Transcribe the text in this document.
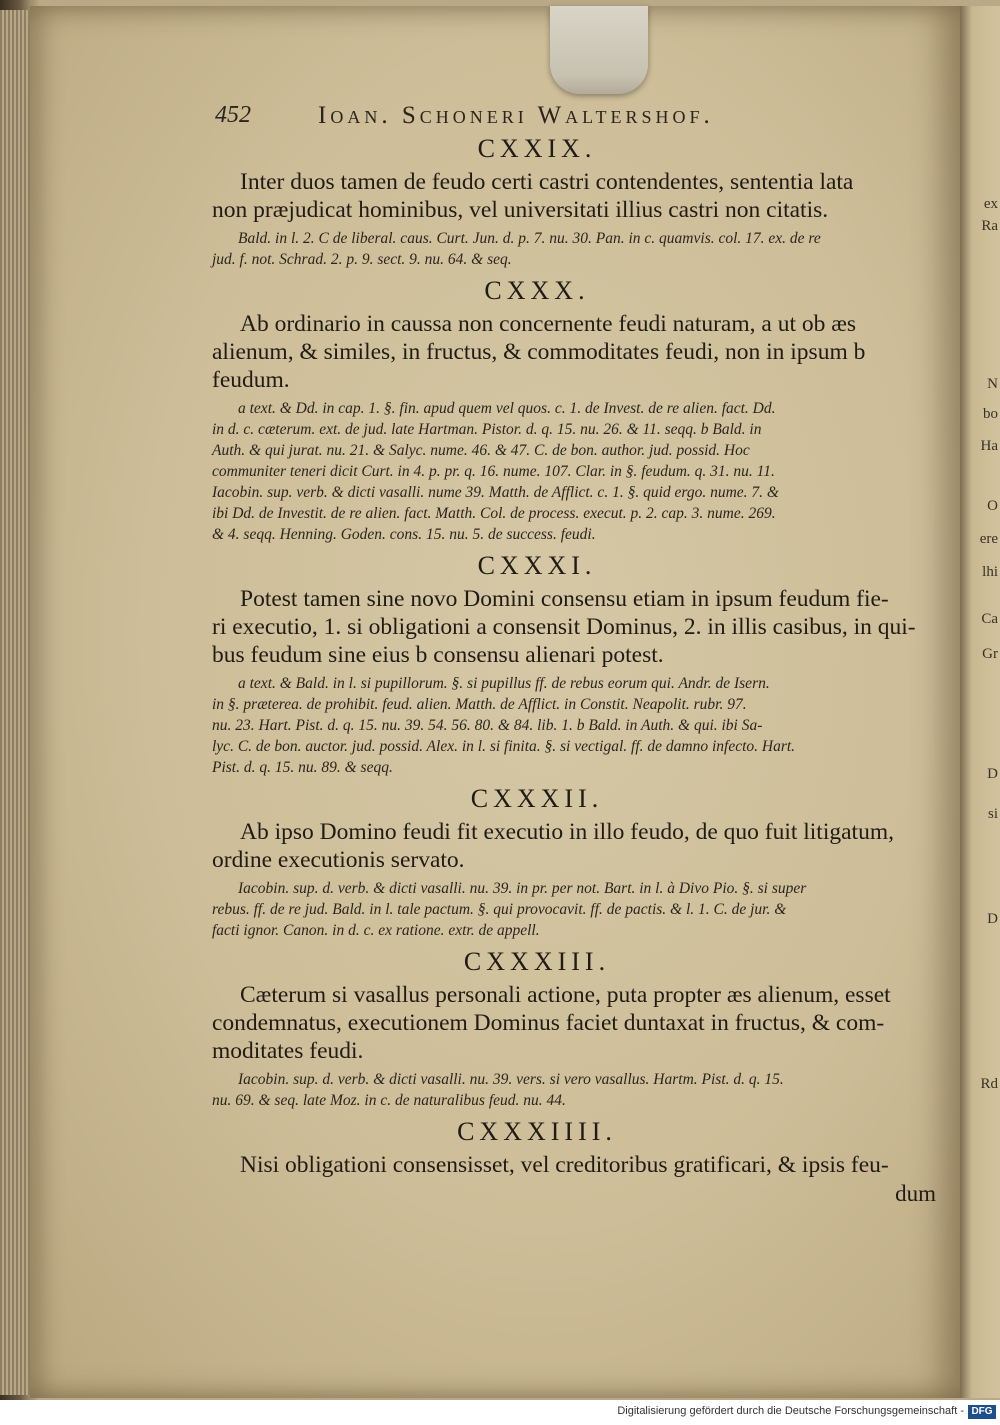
ex
Ra
N
bo
Ha
O
ere
lhi
Ca
Gr
D
D
si
Rd
452	Ioan. Schoneri Waltershof.
CXXIX.
Inter duos tamen de feudo certi castri contendentes, sententia lata
non præjudicat hominibus, vel universitati illius castri non citatis.
Bald. in l. 2. C de liberal. caus. Curt. Jun. d. p. 7. nu. 30. Pan. in c. quamvis. col. 17. ex. de re
jud. f. not. Schrad. 2. p. 9. sect. 9. nu. 64. & seq.
CXXX.
Ab ordinario in caussa non concernente feudi naturam, a ut ob æs
alienum, & similes, in fructus, & commoditates feudi, non in ipsum b
feudum.
a text. & Dd. in cap. 1. §. fin. apud quem vel quos. c. 1. de Invest. de re alien. fact. Dd.
in d. c. cæterum. ext. de jud. late Hartman. Pistor. d. q. 15. nu. 26. & 11. seqq. b Bald. in
Auth. & qui jurat. nu. 21. & Salyc. nume. 46. & 47. C. de bon. author. jud. possid. Hoc
communiter teneri dicit Curt. in 4. p. pr. q. 16. nume. 107. Clar. in §. feudum. q. 31. nu. 11.
Iacobin. sup. verb. & dicti vasalli. nume 39. Matth. de Afflict. c. 1. §. quid ergo. nume. 7. &
ibi Dd. de Investit. de re alien. fact. Matth. Col. de process. execut. p. 2. cap. 3. nume. 269.
& 4. seqq. Henning. Goden. cons. 15. nu. 5. de success. feudi.
CXXXI.
Potest tamen sine novo Domini consensu etiam in ipsum feudum fie-
ri executio, 1. si obligationi a consensit Dominus, 2. in illis casibus, in qui-
bus feudum sine eius b consensu alienari potest.
a text. & Bald. in l. si pupillorum. §. si pupillus ff. de rebus eorum qui. Andr. de Isern.
in §. præterea. de prohibit. feud. alien. Matth. de Afflict. in Constit. Neapolit. rubr. 97.
nu. 23. Hart. Pist. d. q. 15. nu. 39. 54. 56. 80. & 84. lib. 1. b Bald. in Auth. & qui. ibi Sa-
lyc. C. de bon. auctor. jud. possid. Alex. in l. si finita. §. si vectigal. ff. de damno infecto. Hart.
Pist. d. q. 15. nu. 89. & seqq.
CXXXII.
Ab ipso Domino feudi fit executio in illo feudo, de quo fuit litigatum,
ordine executionis servato.
Iacobin. sup. d. verb. & dicti vasalli. nu. 39. in pr. per not. Bart. in l. à Divo Pio. §. si super
rebus. ff. de re jud. Bald. in l. tale pactum. §. qui provocavit. ff. de pactis. & l. 1. C. de jur. &
facti ignor. Canon. in d. c. ex ratione. extr. de appell.
CXXXIII.
Cæterum si vasallus personali actione, puta propter æs alienum, esset
condemnatus, executionem Dominus faciet duntaxat in fructus, & com-
moditates feudi.
Iacobin. sup. d. verb. & dicti vasalli. nu. 39. vers. si vero vasallus. Hartm. Pist. d. q. 15.
nu. 69. & seq. late Moz. in c. de naturalibus feud. nu. 44.
CXXXIIII.
Nisi obligationi consensisset, vel creditoribus gratificari, & ipsis feu-
dum
Digitalisierung gefördert durch die Deutsche Forschungsgemeinschaft - DFG
